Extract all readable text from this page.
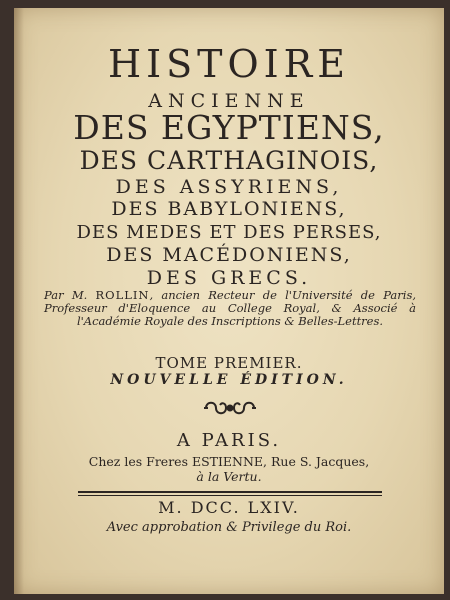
HISTOIRE
ANCIENNE
DES EGYPTIENS,
DES CARTHAGINOIS,
DES ASSYRIENS,
DES BABYLONIENS,
DES MEDES ET DES PERSES,
DES MACÉDONIENS,
DES GRECS.
Par M. ROLLIN, ancien Recteur de l'Université de Paris, Professeur d'Eloquence au College Royal, & Associé à l'Académie Royale des Inscriptions & Belles-Lettres.
TOME PREMIER.
NOUVELLE ÉDITION.
A PARIS.
Chez les Freres ESTIENNE, Rue S. Jacques,
à la Vertu.
M. DCC. LXIV.
Avec approbation & Privilege du Roi.
